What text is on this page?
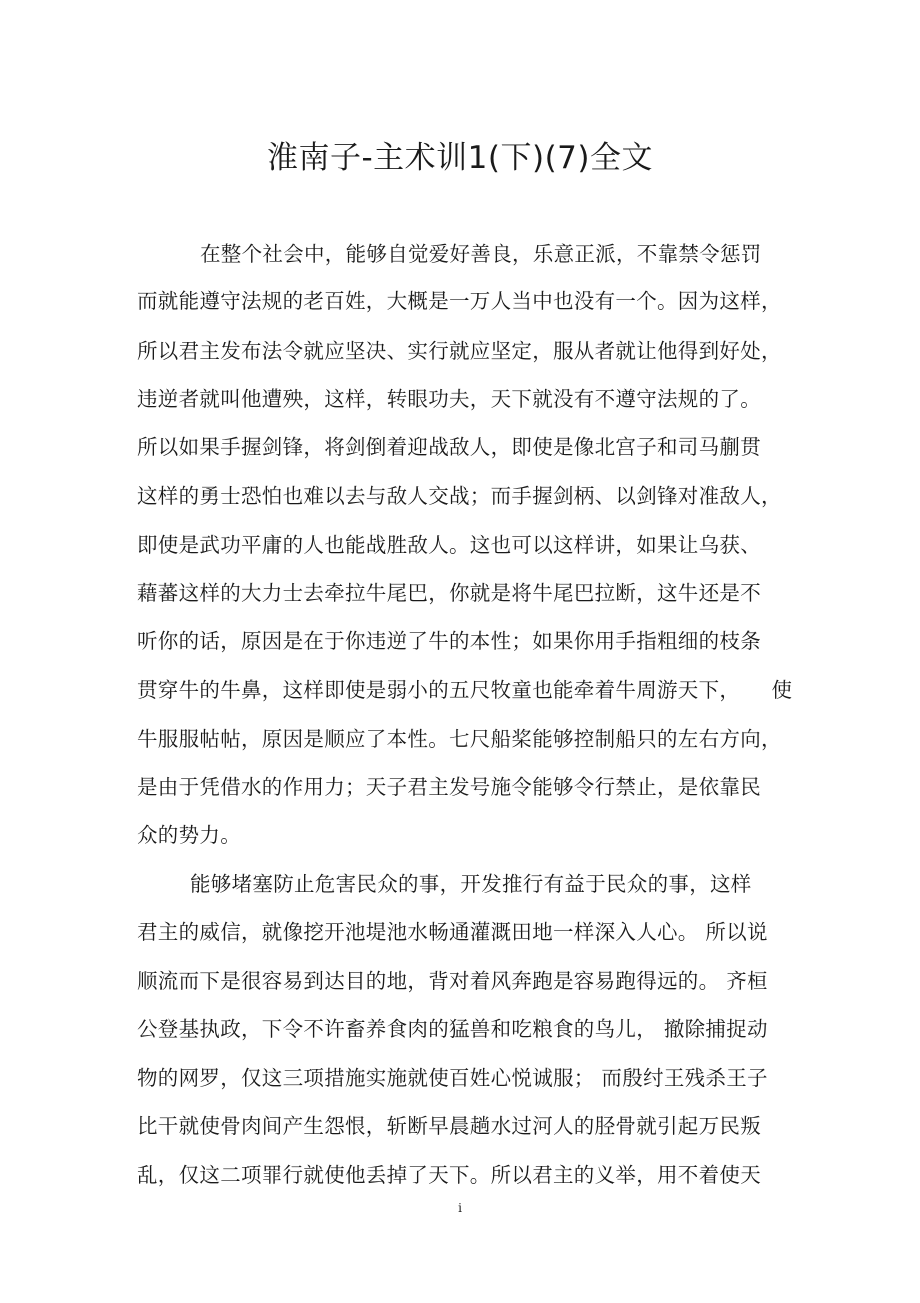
淮南子-主术训1(下)(7)全文
在整个社会中，能够自觉爱好善良，乐意正派，不靠禁令惩罚
而就能遵守法规的老百姓，大概是一万人当中也没有一个。因为这样，
所以君主发布法令就应坚决、实行就应坚定，服从者就让他得到好处，
违逆者就叫他遭殃，这样，转眼功夫，天下就没有不遵守法规的了。
所以如果手握剑锋，将剑倒着迎战敌人，即使是像北宫子和司马蒯贯
这样的勇士恐怕也难以去与敌人交战；而手握剑柄、以剑锋对准敌人，
即使是武功平庸的人也能战胜敌人。这也可以这样讲，如果让乌获、
藉蕃这样的大力士去牵拉牛尾巴，你就是将牛尾巴拉断，这牛还是不
听你的话，原因是在于你违逆了牛的本性；如果你用手指粗细的枝条
贯穿牛的牛鼻，这样即使是弱小的五尺牧童也能牵着牛周游天下，　　使
牛服服帖帖，原因是顺应了本性。七尺船桨能够控制船只的左右方向，
是由于凭借水的作用力；天子君主发号施令能够令行禁止，是依靠民
众的势力。
能够堵塞防止危害民众的事，开发推行有益于民众的事，这样
君主的威信，就像挖开池堤池水畅通灌溉田地一样深入人心。 所以说
顺流而下是很容易到达目的地，背对着风奔跑是容易跑得远的。 齐桓
公登基执政，下令不许畜养食肉的猛兽和吃粮食的鸟儿， 撤除捕捉动
物的网罗，仅这三项措施实施就使百姓心悦诚服； 而殷纣王残杀王子
比干就使骨肉间产生怨恨，斩断早晨趟水过河人的胫骨就引起万民叛
乱，仅这二项罪行就使他丢掉了天下。所以君主的义举，用不着使天
i
